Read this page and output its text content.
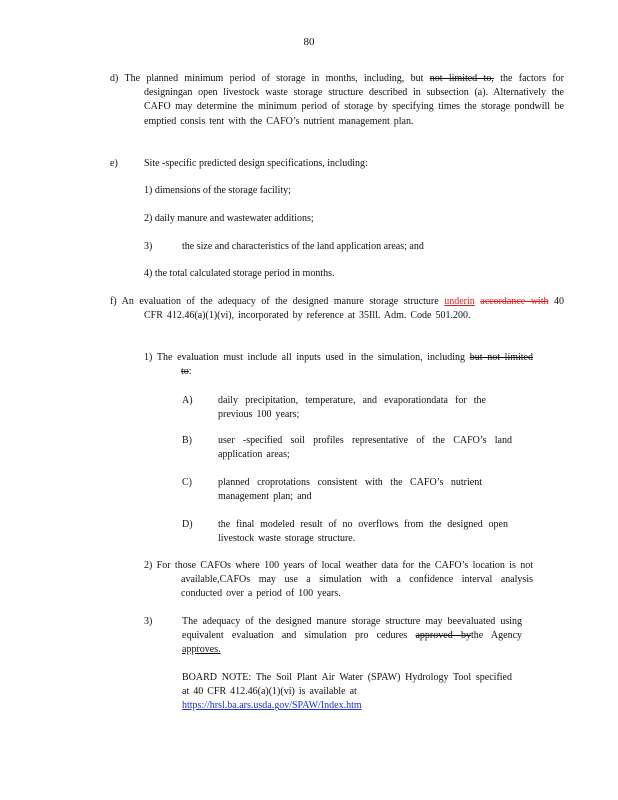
80
d) The planned minimum period of storage in months, including, but not limited to, the factors for designingan open livestock waste storage structure described in subsection (a). Alternatively the CAFO may determine the minimum period of storage by specifying times the storage pondwill be emptied consis tent with the CAFO’s nutrient management plan.
e)	Site -specific predicted design specifications, including:
1) dimensions of the storage facility;
2) daily manure and wastewater additions;
3)	the size and characteristics of the land application areas; and
4) the total calculated storage period in months.
f) An evaluation of the adequacy of the designed manure storage structure underin accordance with 40 CFR 412.46(a)(1)(vi), incorporated by reference at 35Ill. Adm. Code 501.200.
1) The evaluation must include all inputs used in the simulation, including but not limited to:
A)	daily precipitation, temperature, and evaporationdata for the previous 100 years;
B)	user -specified soil profiles representative of the CAFO’s land application areas;
C)	planned croprotations consistent with the CAFO’s nutrient management plan; and
D)	the final modeled result of no overflows from the designed open livestock waste storage structure.
2) For those CAFOs where 100 years of local weather data for the CAFO’s location is not available,CAFOs may use a simulation with a confidence interval analysis conducted over a period of 100 years.
3)	The adequacy of the designed manure storage structure may beevaluated using equivalent evaluation and simulation pro cedures approved bythe Agency approves.
BOARD NOTE: The Soil Plant Air Water (SPAW) Hydrology Tool specified at 40 CFR 412.46(a)(1)(vi) is available at
https://hrsl.ba.ars.usda.gov/SPAW/Index.htm
